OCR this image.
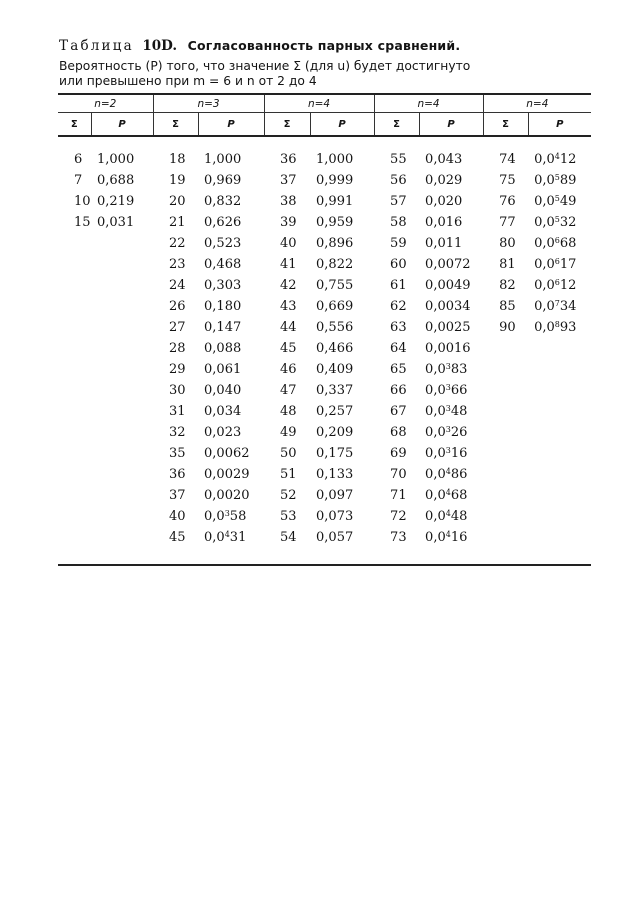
Таблица 10D. Согласованность парных сравнений.
Вероятность (P) того, что значение Σ (для u) будет достигнуто
или превышено при m = 6 и n от 2 до 4
n=2		n=3		n=4		n=4		n=4	
Σ	P	Σ	P	Σ	P	Σ	P	Σ	P

6	1,000	18	1,000	36	1,000	55	0,043	74	$0,0^412$
7	0,688	19	0,969	37	0,999	56	0,029	75	$0,0^589$
10	0,219	20	0,832	38	0,991	57	0,020	76	$0,0^549$
15	0,031	21	0,626	39	0,959	58	0,016	77	$0,0^532$
		22	0,523	40	0,896	59	0,011	80	$0,0^668$
		23	0,468	41	0,822	60	0,0072	81	$0,0^617$
		24	0,303	42	0,755	61	0,0049	82	$0,0^612$
		26	0,180	43	0,669	62	0,0034	85	$0,0^734$
		27	0,147	44	0,556	63	0,0025	90	$0,0^893$
		28	0,088	45	0,466	64	0,0016		
		29	0,061	46	0,409	65	$0,0^383$		
		30	0,040	47	0,337	66	$0,0^366$		
		31	0,034	48	0,257	67	$0,0^348$		
		32	0,023	49	0,209	68	$0,0^326$		
		35	0,0062	50	0,175	69	$0,0^316$		
		36	0,0029	51	0,133	70	$0,0^486$		
		37	0,0020	52	0,097	71	$0,0^468$		
		40	$0,0^358$	53	0,073	72	$0,0^448$		
		45	$0,0^431$	54	0,057	73	$0,0^416$		
